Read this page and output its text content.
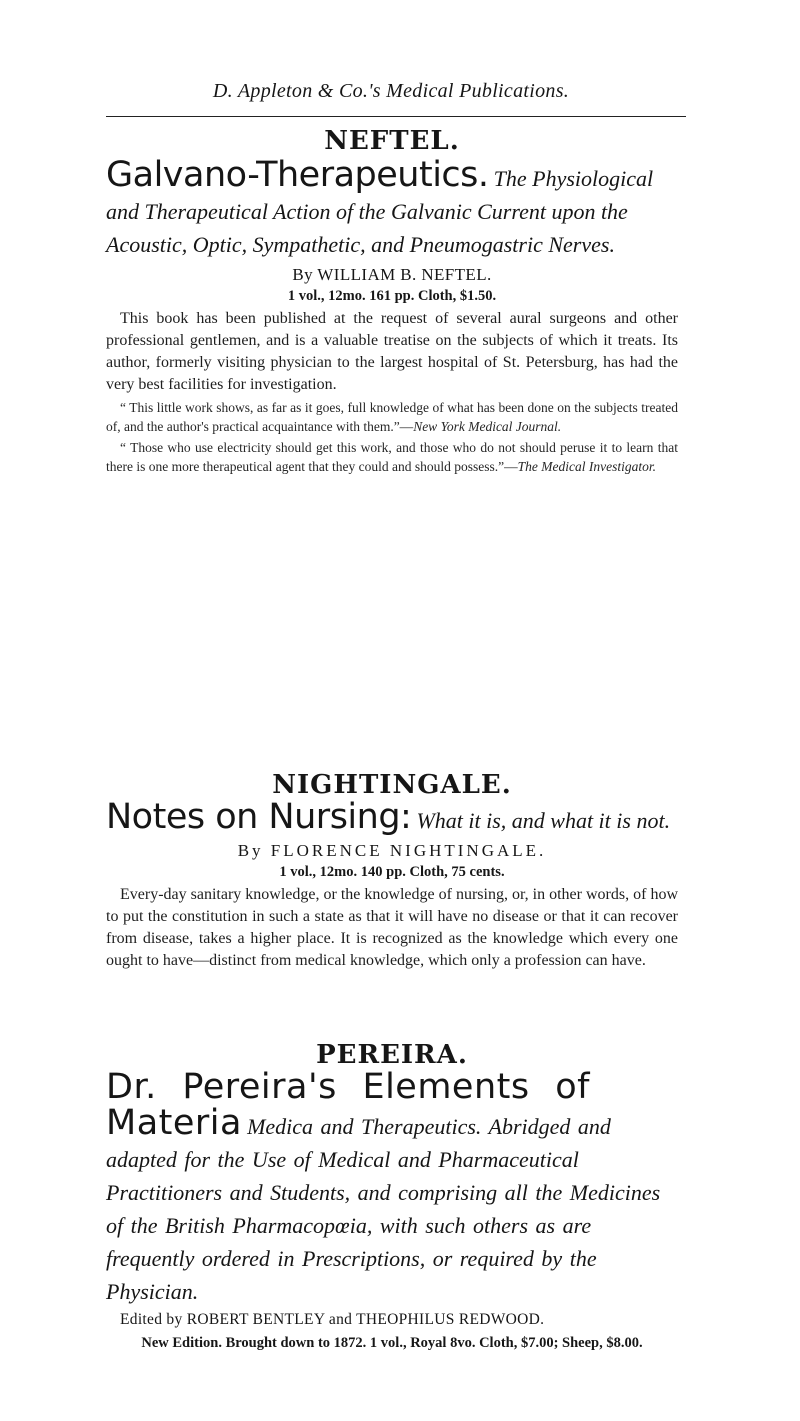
D. Appleton & Co.'s Medical Publications.
NEFTEL.

Galvano-Therapeutics. The Physiological and Therapeutical Action of the Galvanic Current upon the Acoustic, Optic, Sympathetic, and Pneumogastric Nerves.

By WILLIAM B. NEFTEL.
1 vol., 12mo. 161 pp. Cloth, $1.50.

This book has been published at the request of several aural surgeons and other professional gentlemen, and is a valuable treatise on the subjects of which it treats. Its author, formerly visiting physician to the largest hospital of St. Petersburg, has had the very best facilities for investigation.

“ This little work shows, as far as it goes, full knowledge of what has been done on the subjects treated of, and the author's practical acquaintance with them.”—New York Medical Journal.

“ Those who use electricity should get this work, and those who do not should peruse it to learn that there is one more therapeutical agent that they could and should possess.”—The Medical Investigator.

NIGHTINGALE.

Notes on Nursing: What it is, and what it is not.

By FLORENCE NIGHTINGALE.
1 vol., 12mo. 140 pp. Cloth, 75 cents.

Every-day sanitary knowledge, or the knowledge of nursing, or, in other words, of how to put the constitution in such a state as that it will have no disease or that it can recover from disease, takes a higher place. It is recognized as the knowledge which every one ought to have—distinct from medical knowledge, which only a profession can have.

PEREIRA.

Dr. Pereira's Elements of Materia Medica and Therapeutics. Abridged and adapted for the Use of Medical and Pharmaceutical Practitioners and Students, and comprising all the Medicines of the British Pharmacopœia, with such others as are frequently ordered in Prescriptions, or required by the Physician.

Edited by ROBERT BENTLEY and THEOPHILUS REDWOOD.
New Edition. Brought down to 1872. 1 vol., Royal 8vo. Cloth, $7.00; Sheep, $8.00.
